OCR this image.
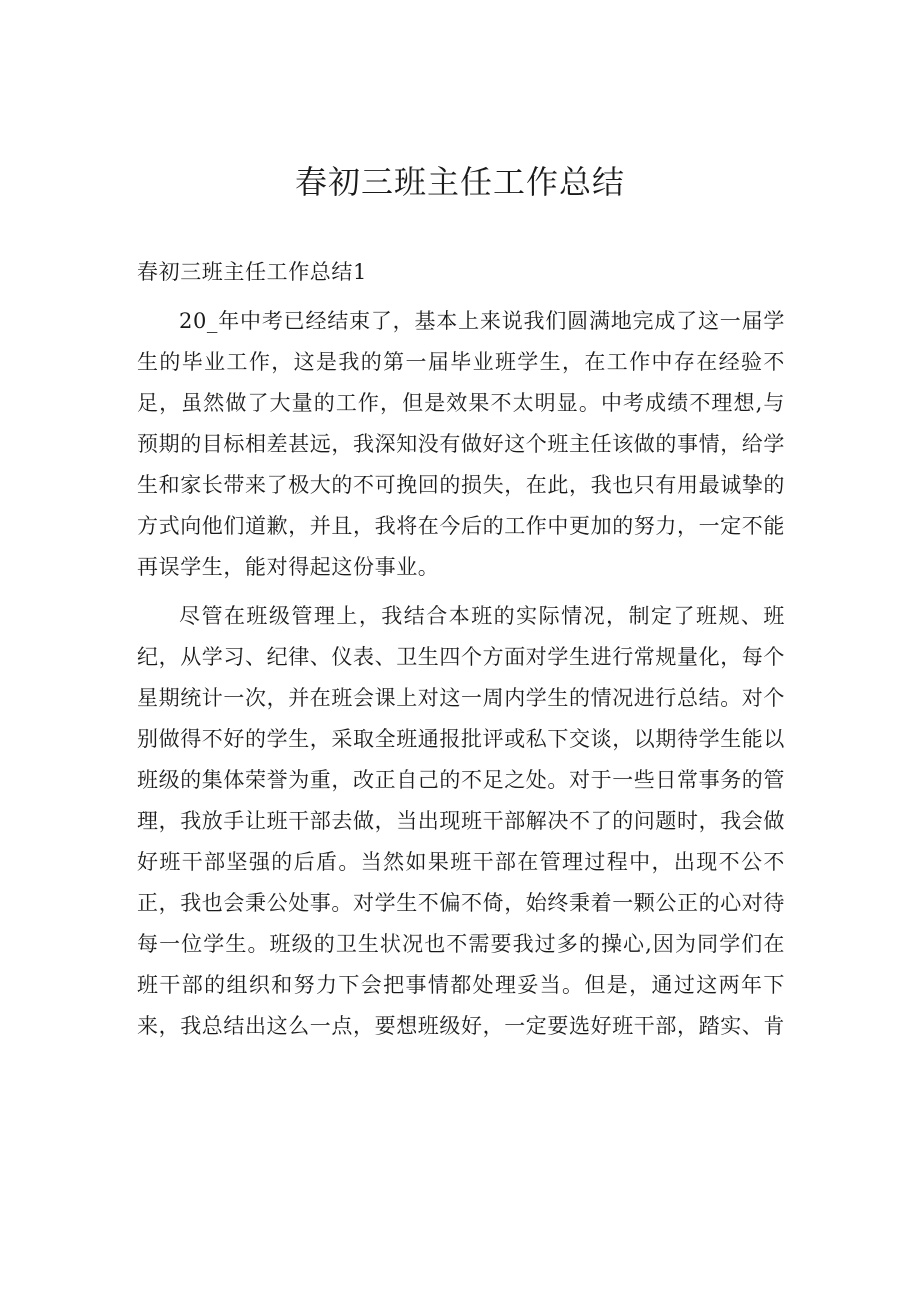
春初三班主任工作总结

春初三班主任工作总结1

20_年中考已经结束了，基本上来说我们圆满地完成了这一届学生的毕业工作，这是我的第一届毕业班学生，在工作中存在经验不足，虽然做了大量的工作，但是效果不太明显。中考成绩不理想,与预期的目标相差甚远，我深知没有做好这个班主任该做的事情，给学生和家长带来了极大的不可挽回的损失，在此，我也只有用最诚挚的方式向他们道歉，并且，我将在今后的工作中更加的努力，一定不能再误学生，能对得起这份事业。

尽管在班级管理上，我结合本班的实际情况，制定了班规、班纪，从学习、纪律、仪表、卫生四个方面对学生进行常规量化，每个星期统计一次，并在班会课上对这一周内学生的情况进行总结。对个别做得不好的学生，采取全班通报批评或私下交谈，以期待学生能以班级的集体荣誉为重，改正自己的不足之处。对于一些日常事务的管理，我放手让班干部去做，当出现班干部解决不了的问题时，我会做好班干部坚强的后盾。当然如果班干部在管理过程中，出现不公不正，我也会秉公处事。对学生不偏不倚，始终秉着一颗公正的心对待每一位学生。班级的卫生状况也不需要我过多的操心,因为同学们在班干部的组织和努力下会把事情都处理妥当。但是，通过这两年下来，我总结出这么一点，要想班级好，一定要选好班干部，踏实、肯
